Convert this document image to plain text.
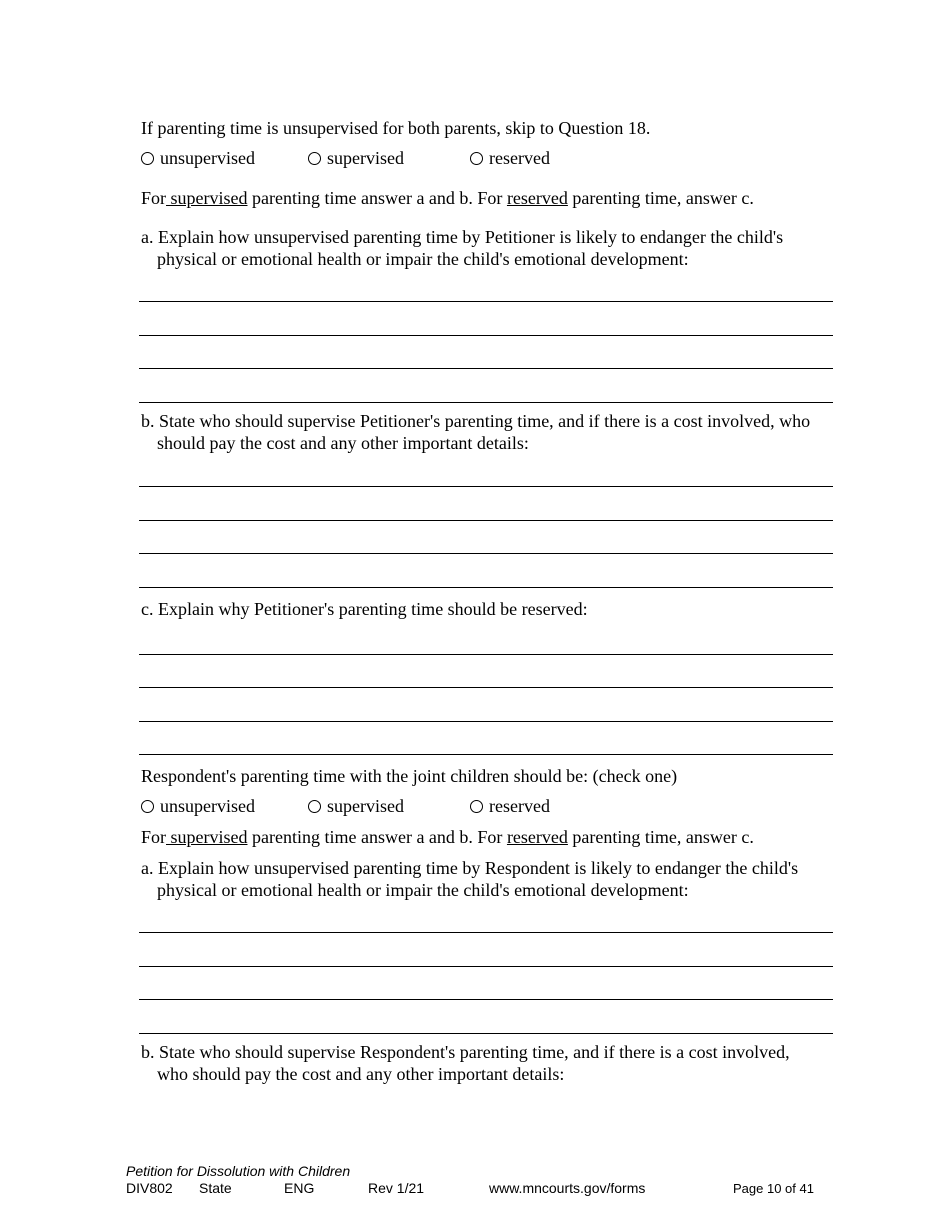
If parenting time is unsupervised for both parents, skip to Question 18.
unsupervised	supervised	reserved
For supervised parenting time answer a and b. For reserved parenting time, answer c.
a. Explain how unsupervised parenting time by Petitioner is likely to endanger the child's
physical or emotional health or impair the child's emotional development:
b. State who should supervise Petitioner's parenting time, and if there is a cost involved, who
should pay the cost and any other important details:
c. Explain why Petitioner's parenting time should be reserved:
Respondent's parenting time with the joint children should be: (check one)
unsupervised	supervised	reserved
For supervised parenting time answer a and b. For reserved parenting time, answer c.
a. Explain how unsupervised parenting time by Respondent is likely to endanger the child's
physical or emotional health or impair the child's emotional development:
b. State who should supervise Respondent's parenting time, and if there is a cost involved,
who should pay the cost and any other important details:
Petition for Dissolution with Children
DIV802 State	ENG	Rev 1/21	www.mncourts.gov/forms	Page 10 of 41
